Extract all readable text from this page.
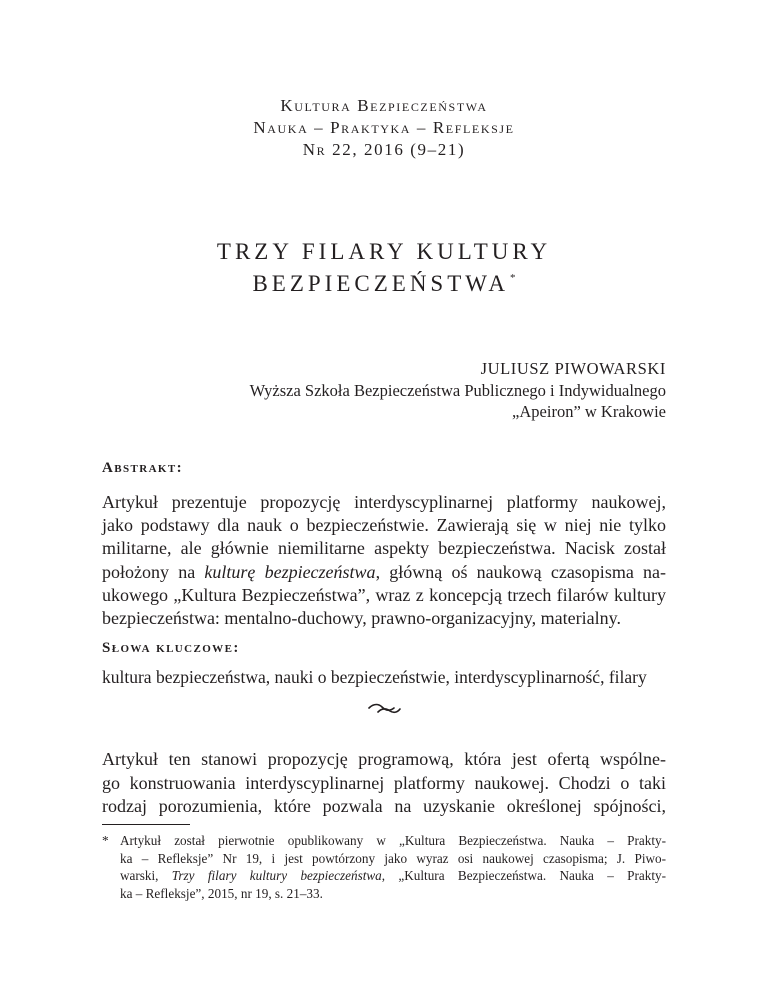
Kultura Bezpieczeństwa
Nauka – Praktyka – Refleksje
Nr 22, 2016 (9–21)
TRZY FILARY KULTURY
BEZPIECZEŃSTWA*
JULIUSZ PIWOWARSKI
Wyższa Szkoła Bezpieczeństwa Publicznego i Indywidualnego
„Apeiron” w Krakowie
Abstrakt:
Artykuł prezentuje propozycję interdyscyplinarnej platformy naukowej,
jako podstawy dla nauk o bezpieczeństwie. Zawierają się w niej nie tylko
militarne, ale głównie niemilitarne aspekty bezpieczeństwa. Nacisk został
położony na kulturę bezpieczeństwa, główną oś naukową czasopisma na-
ukowego „Kultura Bezpieczeństwa”, wraz z koncepcją trzech filarów kultury
bezpieczeństwa: mentalno-duchowy, prawno-organizacyjny, materialny.
Słowa kluczowe:
kultura bezpieczeństwa, nauki o bezpieczeństwie, interdyscyplinarność, filary
Artykuł ten stanowi propozycję programową, która jest ofertą wspólne-
go konstruowania interdyscyplinarnej platformy naukowej. Chodzi o taki
rodzaj porozumienia, które pozwala na uzyskanie określonej spójności,
* Artykuł został pierwotnie opublikowany w „Kultura Bezpieczeństwa. Nauka – Prakty-
ka – Refleksje” Nr 19, i jest powtórzony jako wyraz osi naukowej czasopisma; J. Piwo-
warski, Trzy filary kultury bezpieczeństwa, „Kultura Bezpieczeństwa. Nauka – Prakty-
ka – Refleksje”, 2015, nr 19, s. 21–33.
